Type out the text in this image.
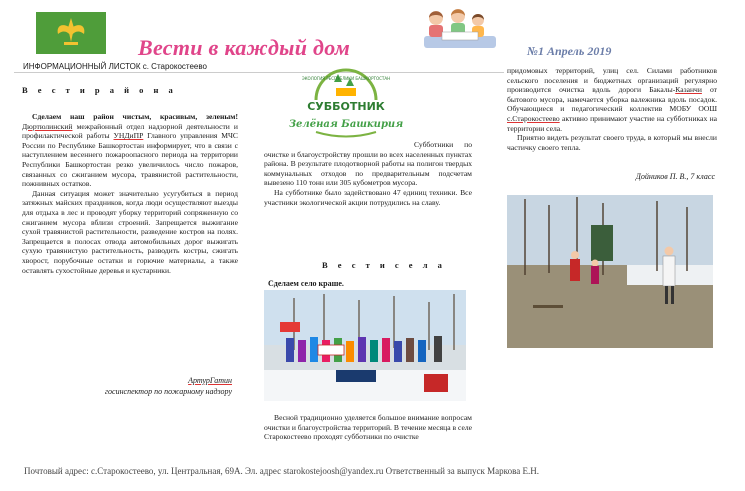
Вести в каждый дом	№1 Апрель 2019
ИНФОРМАЦИОННЫЙ ЛИСТОК с. Старокостеево
В е с т и р а й о н а

Сделаем наш район чистым, красивым, зеленым! Дюртюлинский межрайонный отдел надзорной деятельности и профилактической работы УНДиПР Главного управления МЧС России по Республике Башкортостан информирует, что в связи с наступлением весеннего пожароопасного периода на территории Республики Башкортостан резко увеличилось число пожаров, связанных со сжиганием мусора, травянистой растительности, пожнивных остатков.

Данная ситуация может значительно усугубиться в период затяжных майских праздников, когда люди осуществляют выезды для отдыха в лес и проводят уборку территорий сопряженную со сжиганием мусора вблизи строений. Запрещается выжигание сухой травянистой растительности, разведение костров на полях. Запрещается в полосах отвода автомобильных дорог выжигать сухую травянистую растительность, разводить костры, сжигать хворост, порубочные остатки и горючие материалы, а также оставлять сухостойные деревья и кустарники.

АртурГатин
госинспектор по пожарному надзору
ЭКОЛОГИЯ РЕСПУБЛИКИ БАШКОРТОСТАН
СУББОТНИК
Зелёная Башкирия

Субботники по очистке и благоустройству прошли во всех населенных пунктах района. В результате плодотворной работы на полигон твердых коммунальных отходов по предварительным подсчетам вывезено 110 тонн или 305 кубометров мусора.

На субботнике было задействовано 47 единиц техники. Все участники экологической акции потрудились на славу.

В е с т и с е л а
Сделаем село краше.

Весной традиционно уделяется большое внимание вопросам очистки и благоустройства территорий. В течение месяца в селе Старокостеево проходят субботники по очистке

придомовых территорий, улиц сел. Силами работников сельского поселения и бюджетных организаций регулярно производится очистка вдоль дороги Бакалы-Казанчи от бытового мусора, намечается уборка валежника вдоль посадок. Обучающиеся и педагогический коллектив МОБУ ООШ с.Старокостеево активно принимают участие на субботниках на территории села.

Приятно видеть результат своего труда, в который мы внесли частичку своего тепла.

Дойников П. В., 7 класс
Почтовый адрес: с.Старокостеево, ул. Центральная, 69А. Эл. адрес starokostejoosh@yandex.ru Ответственный за выпуск Маркова Е.Н.
